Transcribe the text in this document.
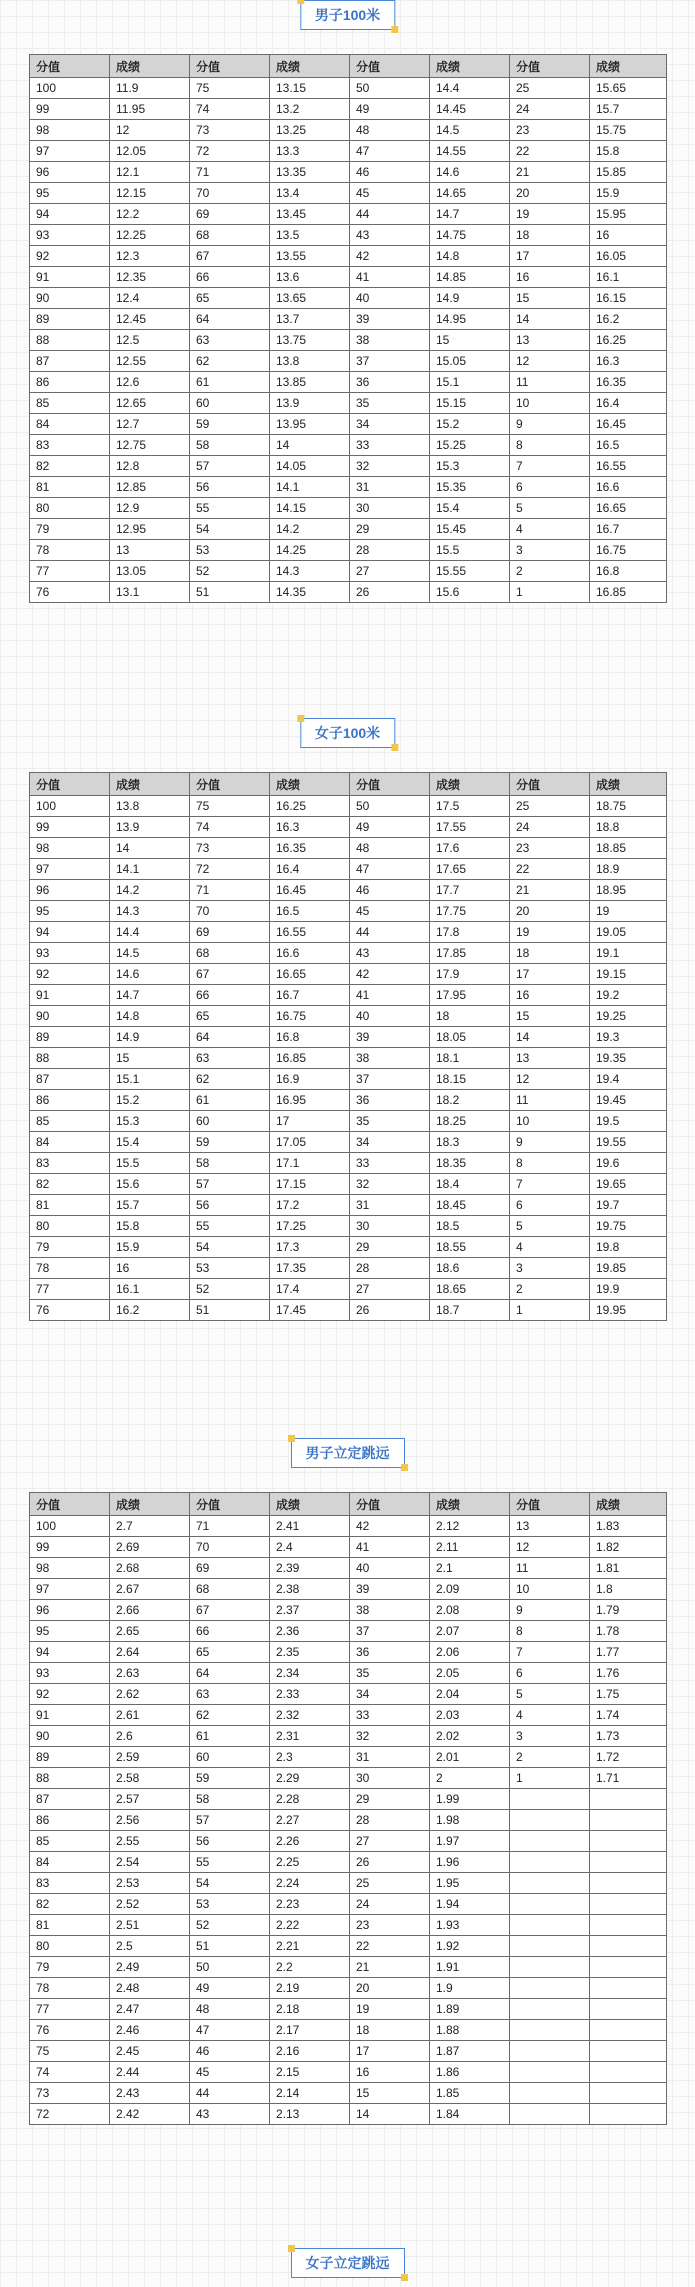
男子100米
分值	成绩	分值	成绩	分值	成绩	分值	成绩
100	11.9	75	13.15	50	14.4	25	15.65
99	11.95	74	13.2	49	14.45	24	15.7
98	12	73	13.25	48	14.5	23	15.75
97	12.05	72	13.3	47	14.55	22	15.8
96	12.1	71	13.35	46	14.6	21	15.85
95	12.15	70	13.4	45	14.65	20	15.9
94	12.2	69	13.45	44	14.7	19	15.95
93	12.25	68	13.5	43	14.75	18	16
92	12.3	67	13.55	42	14.8	17	16.05
91	12.35	66	13.6	41	14.85	16	16.1
90	12.4	65	13.65	40	14.9	15	16.15
89	12.45	64	13.7	39	14.95	14	16.2
88	12.5	63	13.75	38	15	13	16.25
87	12.55	62	13.8	37	15.05	12	16.3
86	12.6	61	13.85	36	15.1	11	16.35
85	12.65	60	13.9	35	15.15	10	16.4
84	12.7	59	13.95	34	15.2	9	16.45
83	12.75	58	14	33	15.25	8	16.5
82	12.8	57	14.05	32	15.3	7	16.55
81	12.85	56	14.1	31	15.35	6	16.6
80	12.9	55	14.15	30	15.4	5	16.65
79	12.95	54	14.2	29	15.45	4	16.7
78	13	53	14.25	28	15.5	3	16.75
77	13.05	52	14.3	27	15.55	2	16.8
76	13.1	51	14.35	26	15.6	1	16.85
女子100米
分值	成绩	分值	成绩	分值	成绩	分值	成绩
100	13.8	75	16.25	50	17.5	25	18.75
99	13.9	74	16.3	49	17.55	24	18.8
98	14	73	16.35	48	17.6	23	18.85
97	14.1	72	16.4	47	17.65	22	18.9
96	14.2	71	16.45	46	17.7	21	18.95
95	14.3	70	16.5	45	17.75	20	19
94	14.4	69	16.55	44	17.8	19	19.05
93	14.5	68	16.6	43	17.85	18	19.1
92	14.6	67	16.65	42	17.9	17	19.15
91	14.7	66	16.7	41	17.95	16	19.2
90	14.8	65	16.75	40	18	15	19.25
89	14.9	64	16.8	39	18.05	14	19.3
88	15	63	16.85	38	18.1	13	19.35
87	15.1	62	16.9	37	18.15	12	19.4
86	15.2	61	16.95	36	18.2	11	19.45
85	15.3	60	17	35	18.25	10	19.5
84	15.4	59	17.05	34	18.3	9	19.55
83	15.5	58	17.1	33	18.35	8	19.6
82	15.6	57	17.15	32	18.4	7	19.65
81	15.7	56	17.2	31	18.45	6	19.7
80	15.8	55	17.25	30	18.5	5	19.75
79	15.9	54	17.3	29	18.55	4	19.8
78	16	53	17.35	28	18.6	3	19.85
77	16.1	52	17.4	27	18.65	2	19.9
76	16.2	51	17.45	26	18.7	1	19.95
男子立定跳远
分值	成绩	分值	成绩	分值	成绩	分值	成绩
100	2.7	71	2.41	42	2.12	13	1.83
99	2.69	70	2.4	41	2.11	12	1.82
98	2.68	69	2.39	40	2.1	11	1.81
97	2.67	68	2.38	39	2.09	10	1.8
96	2.66	67	2.37	38	2.08	9	1.79
95	2.65	66	2.36	37	2.07	8	1.78
94	2.64	65	2.35	36	2.06	7	1.77
93	2.63	64	2.34	35	2.05	6	1.76
92	2.62	63	2.33	34	2.04	5	1.75
91	2.61	62	2.32	33	2.03	4	1.74
90	2.6	61	2.31	32	2.02	3	1.73
89	2.59	60	2.3	31	2.01	2	1.72
88	2.58	59	2.29	30	2	1	1.71
87	2.57	58	2.28	29	1.99		
86	2.56	57	2.27	28	1.98		
85	2.55	56	2.26	27	1.97		
84	2.54	55	2.25	26	1.96		
83	2.53	54	2.24	25	1.95		
82	2.52	53	2.23	24	1.94		
81	2.51	52	2.22	23	1.93		
80	2.5	51	2.21	22	1.92		
79	2.49	50	2.2	21	1.91		
78	2.48	49	2.19	20	1.9		
77	2.47	48	2.18	19	1.89		
76	2.46	47	2.17	18	1.88		
75	2.45	46	2.16	17	1.87		
74	2.44	45	2.15	16	1.86		
73	2.43	44	2.14	15	1.85		
72	2.42	43	2.13	14	1.84		
女子立定跳远
